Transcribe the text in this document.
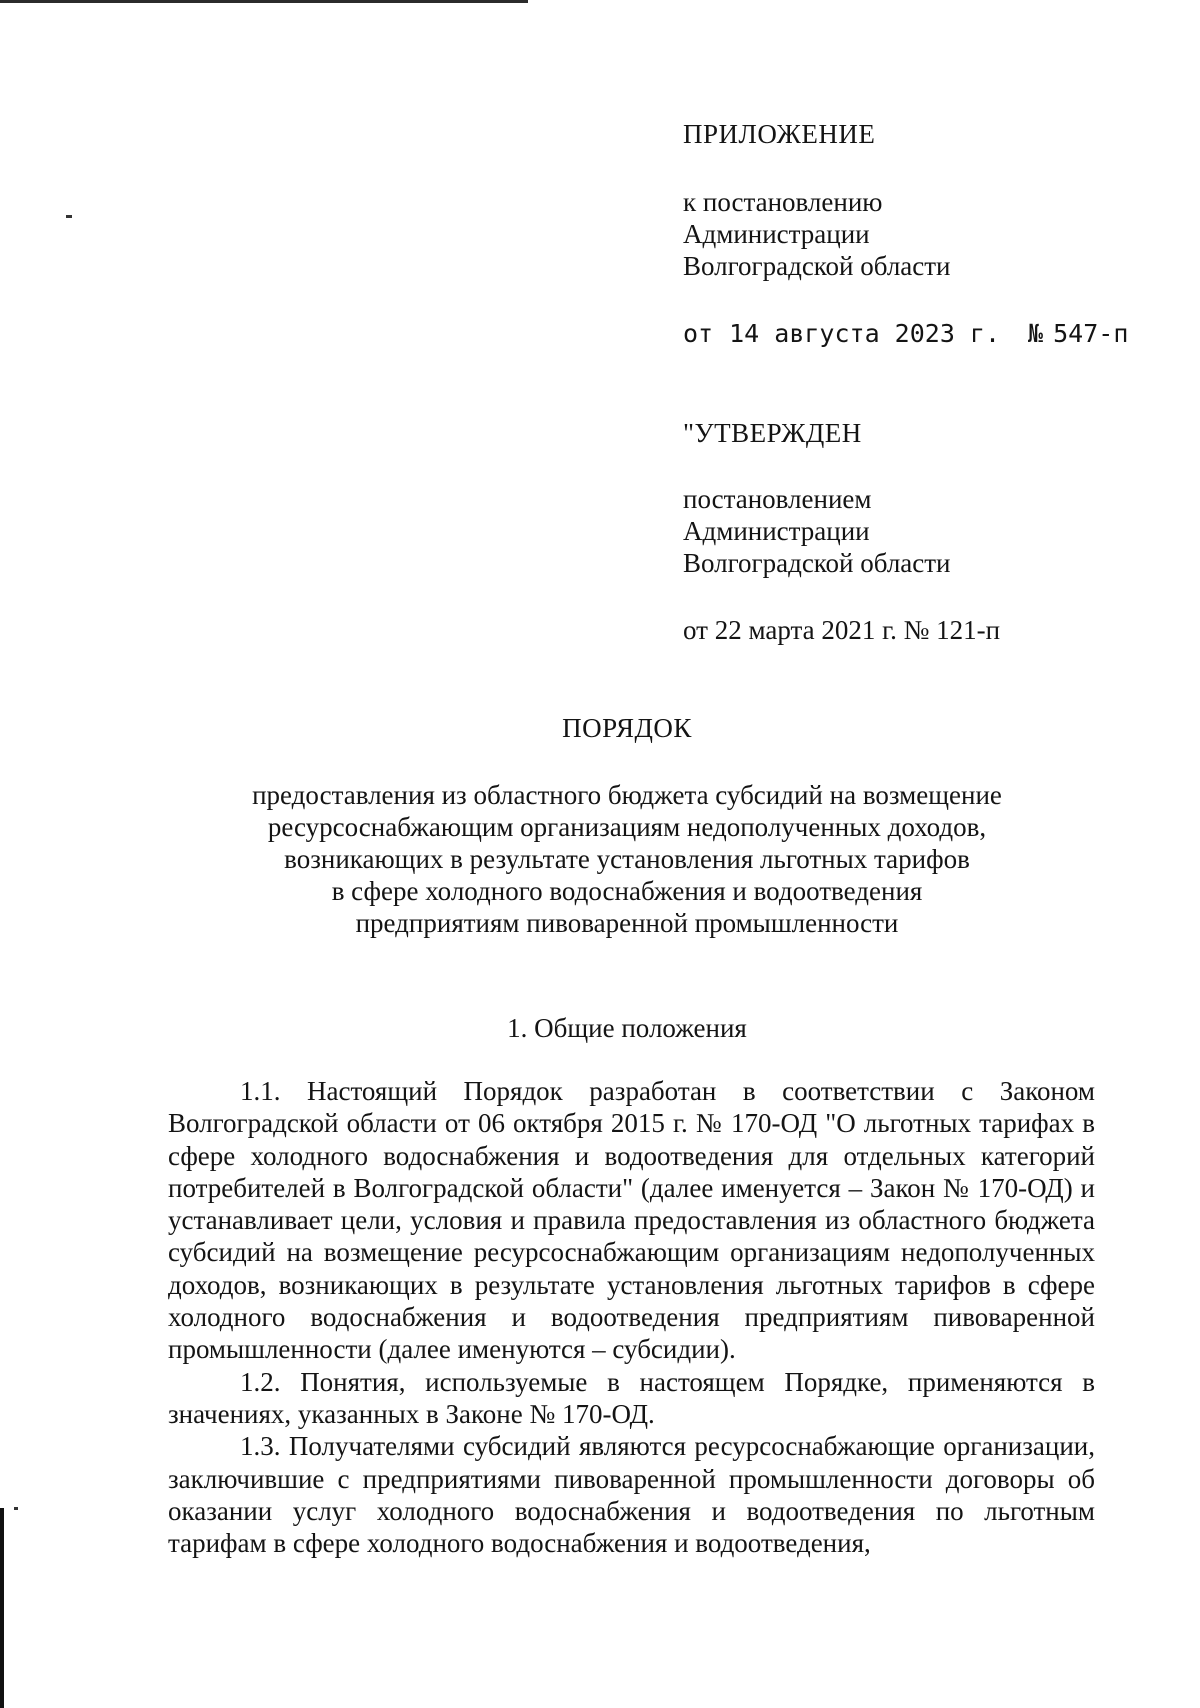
ПРИЛОЖЕНИЕ
к постановлению
Администрации
Волгоградской области
от 14 августа 2023 г. № 547-п
"УТВЕРЖДЕН
постановлением
Администрации
Волгоградской области
от 22 марта 2021 г. № 121-п
ПОРЯДОК
предоставления из областного бюджета субсидий на возмещение
ресурсоснабжающим организациям недополученных доходов,
возникающих в результате установления льготных тарифов
в сфере холодного водоснабжения и водоотведения
предприятиям пивоваренной промышленности
1. Общие положения

1.1. Настоящий Порядок разработан в соответствии с Законом Волгоградской области от 06 октября 2015 г. № 170-ОД "О льготных тарифах в сфере холодного водоснабжения и водоотведения для отдельных категорий потребителей в Волгоградской области" (далее именуется – Закон № 170-ОД) и устанавливает цели, условия и правила предоставления из областного бюджета субсидий на возмещение ресурсоснабжающим организациям недополученных доходов, возникающих в результате установления льготных тарифов в сфере холодного водоснабжения и водоотведения предприятиям пивоваренной промышленности (далее именуются – субсидии).

1.2. Понятия, используемые в настоящем Порядке, применяются в значениях, указанных в Законе № 170-ОД.

1.3. Получателями субсидий являются ресурсоснабжающие организации, заключившие с предприятиями пивоваренной промышленности договоры об оказании услуг холодного водоснабжения и водоотведения по льготным тарифам в сфере холодного водоснабжения и водоотведения,
